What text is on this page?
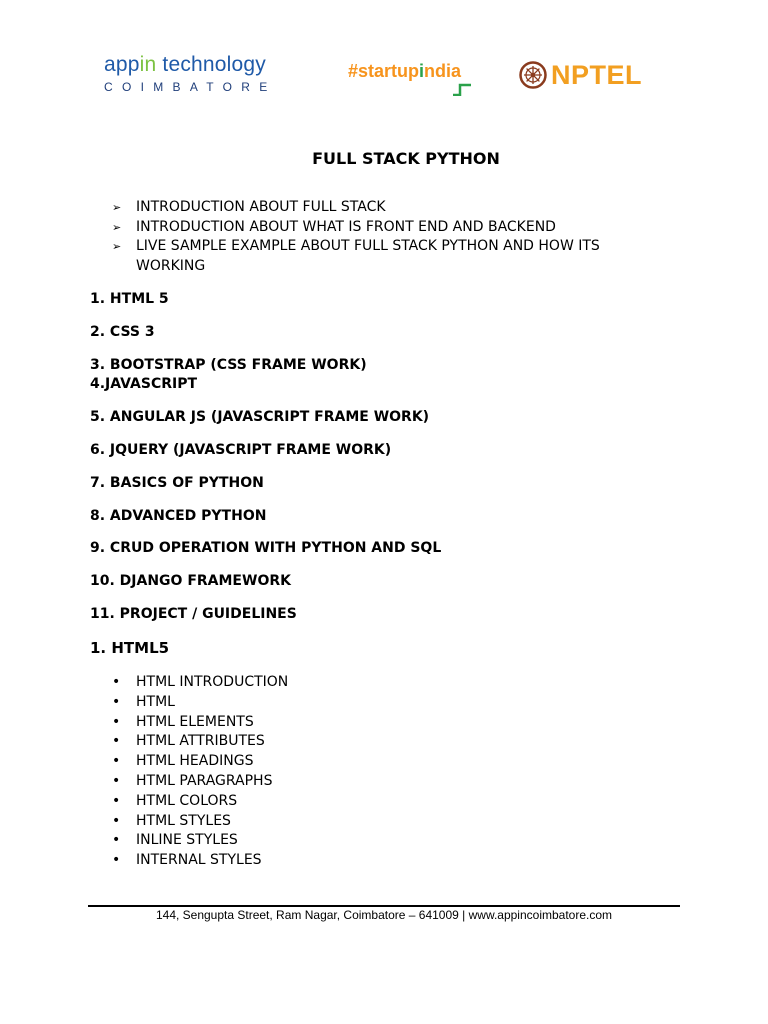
appin technology
COIMBATORE
#startupindia	NPTEL
FULL STACK PYTHON
➢ INTRODUCTION ABOUT FULL STACK
➢ INTRODUCTION ABOUT WHAT IS FRONT END AND BACKEND
➢ LIVE SAMPLE EXAMPLE ABOUT FULL STACK PYTHON AND HOW ITS WORKING
1. HTML 5
2. CSS 3
3. BOOTSTRAP (CSS FRAME WORK)
4.JAVASCRIPT
5. ANGULAR JS (JAVASCRIPT FRAME WORK)
6. JQUERY (JAVASCRIPT FRAME WORK)
7. BASICS OF PYTHON
8. ADVANCED PYTHON
9. CRUD OPERATION WITH PYTHON AND SQL
10. DJANGO FRAMEWORK
11. PROJECT / GUIDELINES
1. HTML5
• HTML INTRODUCTION
• HTML
• HTML ELEMENTS
• HTML ATTRIBUTES
• HTML HEADINGS
• HTML PARAGRAPHS
• HTML COLORS
• HTML STYLES
• INLINE STYLES
• INTERNAL STYLES
144, Sengupta Street, Ram Nagar, Coimbatore – 641009 | www.appincoimbatore.com
